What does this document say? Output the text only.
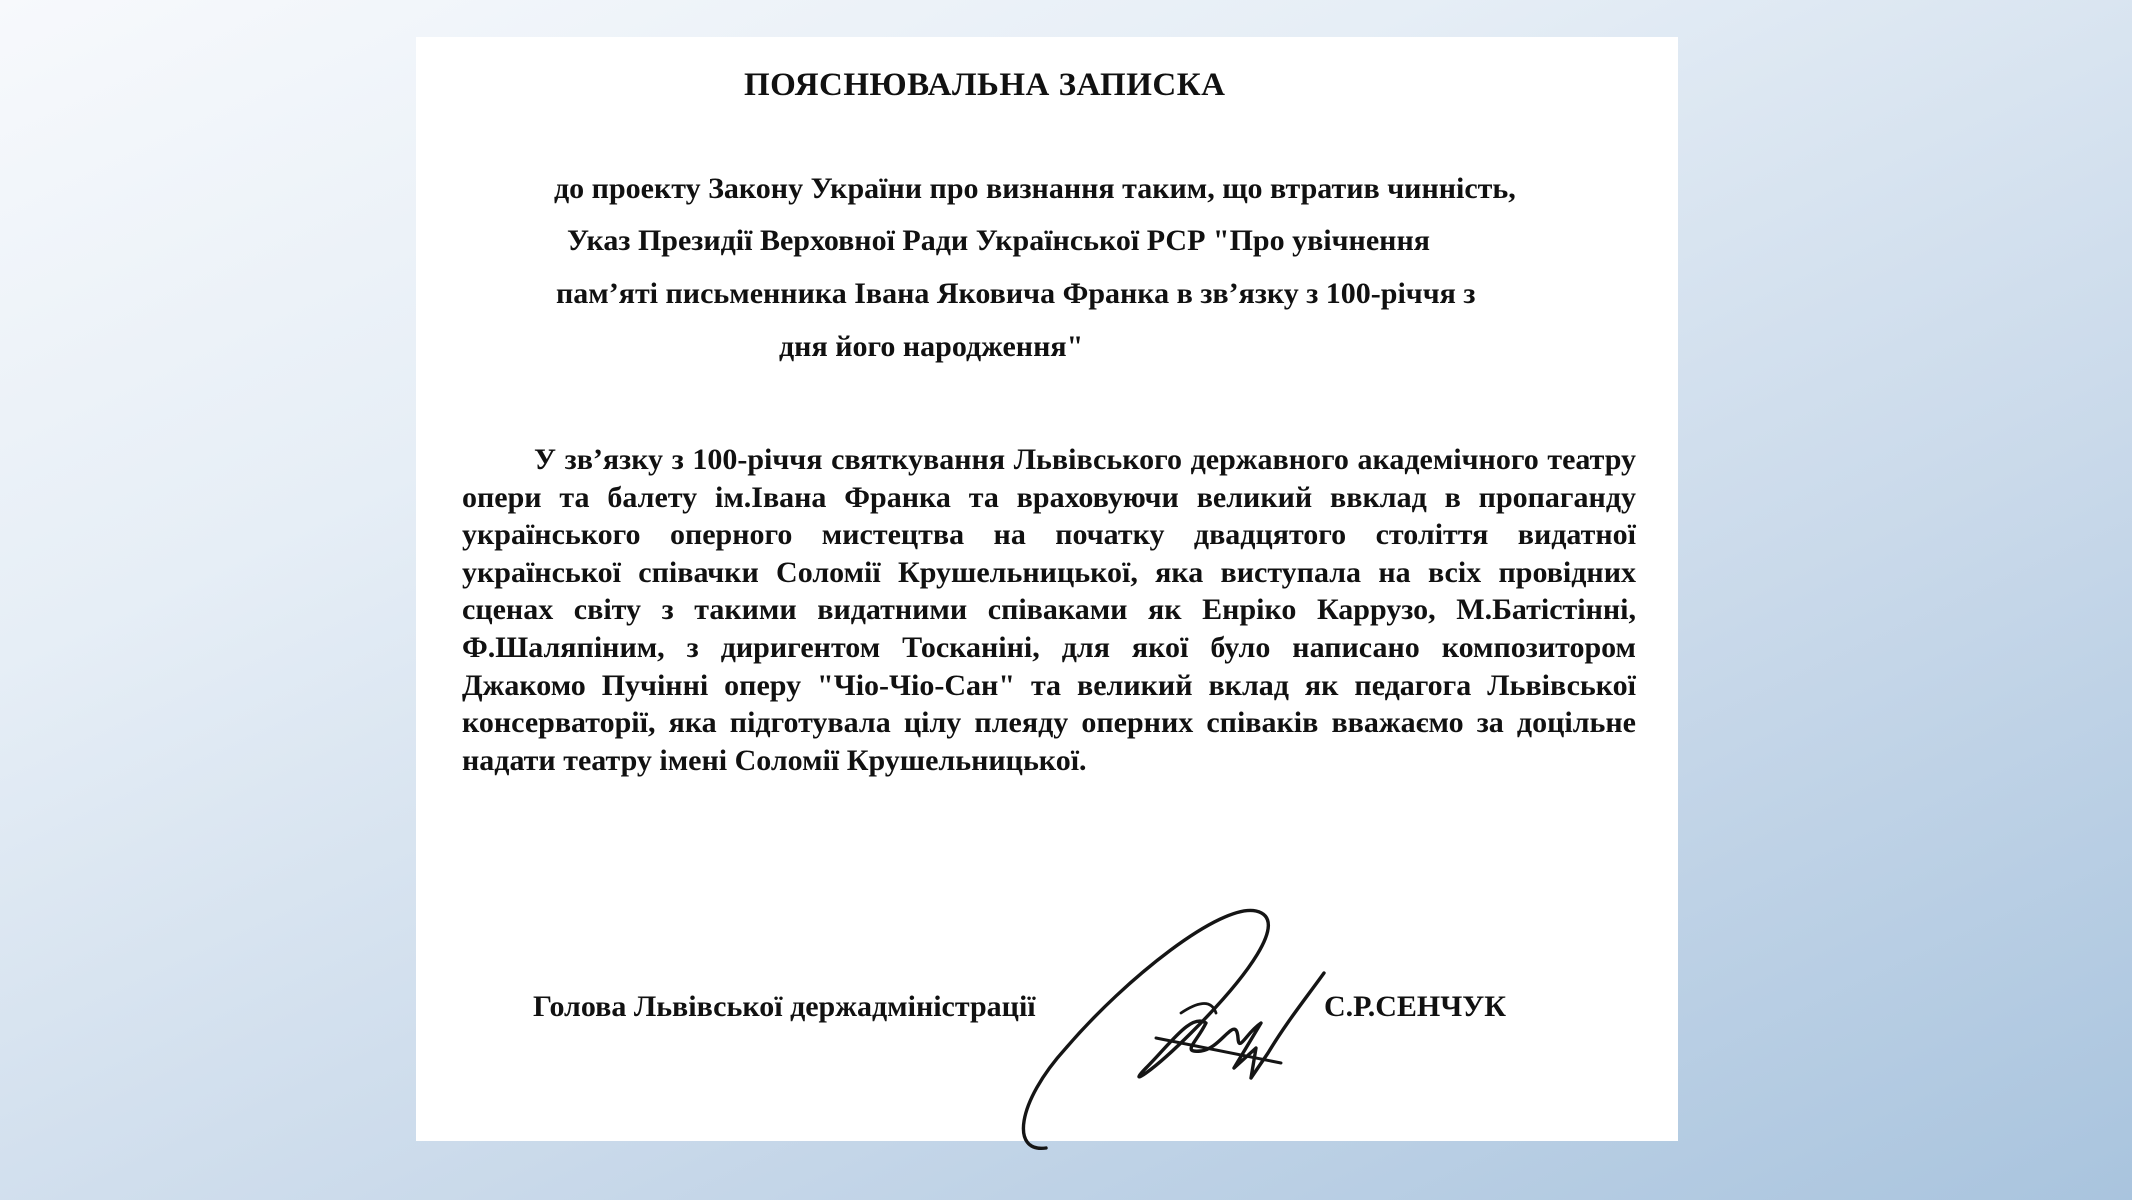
ПОЯСНЮВАЛЬНА ЗАПИСКА
до проекту Закону України про визнання таким, що втратив чинність,
Указ Президії Верховної Ради Української РСР "Про увічнення
пам’яті письменника Івана Яковича Франка в зв’язку з 100-річчя з
дня його народження"

У зв’язку з 100-річчя святкування Львівського державного академічного театру опери та балету ім.Івана Франка та враховуючи великий ввклад в пропаганду українського оперного мистецтва на початку двадцятого століття видатної української співачки Соломії Крушельницької, яка виступала на всіх провідних сценах світу з такими видатними співаками як Енріко Каррузо, М.Батістінні, Ф.Шаляпіним, з диригентом Тосканіні, для якої було написано композитором Джакомо Пучінні оперу "Чіо-Чіо-Сан" та великий вклад як педагога Львівської консерваторії, яка підготувала цілу плеяду оперних співаків вважаємо за доцільне надати театру імені Соломії Крушельницької.

Голова Львівської держадміністрації	С.Р.СЕНЧУК
